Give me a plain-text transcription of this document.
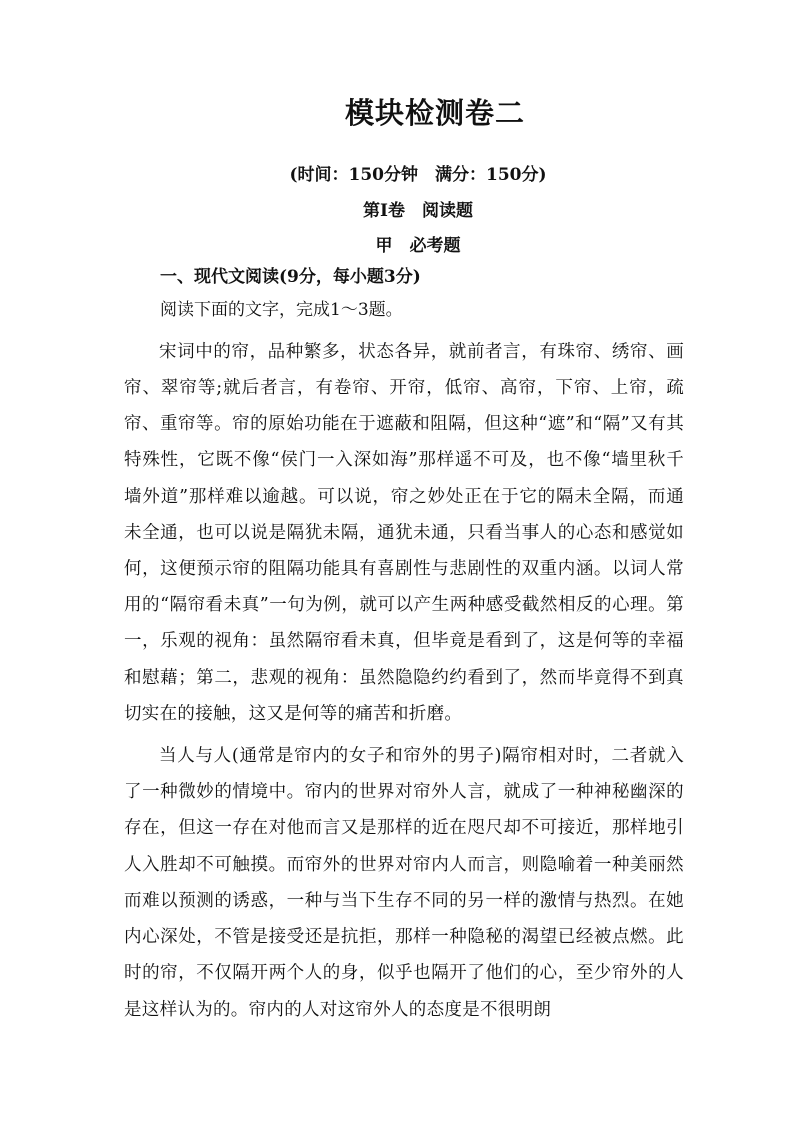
模块检测卷二
(时间：150分钟　满分：150分)
第Ⅰ卷　阅读题
甲　必考题
一、现代文阅读(9分，每小题3分)
阅读下面的文字，完成1～3题。

宋词中的帘，品种繁多，状态各异，就前者言，有珠帘、绣帘、画帘、翠帘等;就后者言，有卷帘、开帘，低帘、高帘，下帘、上帘，疏帘、重帘等。帘的原始功能在于遮蔽和阻隔，但这种“遮”和“隔”又有其特殊性，它既不像“侯门一入深如海”那样遥不可及，也不像“墙里秋千墙外道”那样难以逾越。可以说，帘之妙处正在于它的隔未全隔，而通未全通，也可以说是隔犹未隔，通犹未通，只看当事人的心态和感觉如何，这便预示帘的阻隔功能具有喜剧性与悲剧性的双重内涵。以词人常用的“隔帘看未真”一句为例，就可以产生两种感受截然相反的心理。第一，乐观的视角：虽然隔帘看未真，但毕竟是看到了，这是何等的幸福和慰藉；第二，悲观的视角：虽然隐隐约约看到了，然而毕竟得不到真切实在的接触，这又是何等的痛苦和折磨。

当人与人(通常是帘内的女子和帘外的男子)隔帘相对时，二者就入了一种微妙的情境中。帘内的世界对帘外人言，就成了一种神秘幽深的存在，但这一存在对他而言又是那样的近在咫尺却不可接近，那样地引人入胜却不可触摸。而帘外的世界对帘内人而言，则隐喻着一种美丽然而难以预测的诱惑，一种与当下生存不同的另一样的激情与热烈。在她内心深处，不管是接受还是抗拒，那样一种隐秘的渴望已经被点燃。此时的帘，不仅隔开两个人的身，似乎也隔开了他们的心，至少帘外的人是这样认为的。帘内的人对这帘外人的态度是不很明朗
